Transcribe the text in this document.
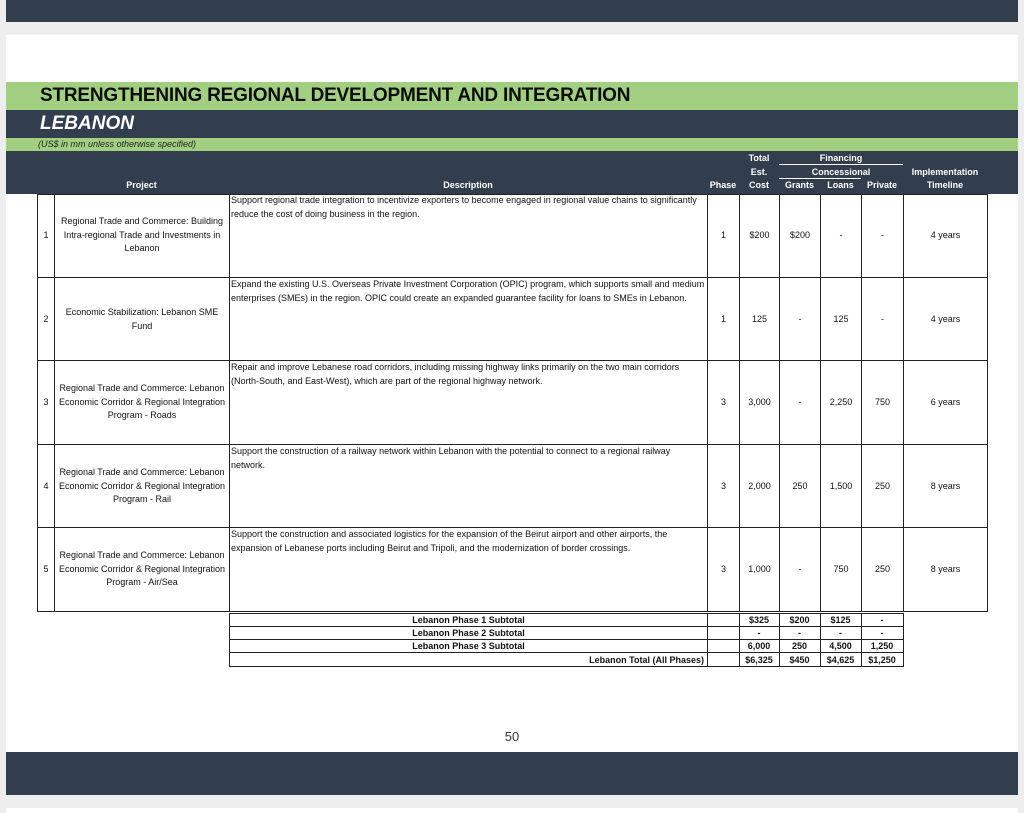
STRENGTHENING REGIONAL DEVELOPMENT AND INTEGRATION
LEBANON
(US$ in mm unless otherwise specified)
Project	Description	Phase
Total
Est.
Cost
Financing
Concessional
Grants	Loans	Private
Implementation
Timeline
1
Regional Trade and Commerce: Building Intra-regional Trade and Investments in Lebanon
Support regional trade integration to incentivize exporters to become engaged in regional value chains to significantly reduce the cost of doing business in the region.
1	$200	$200	-	-	4 years
2
Economic Stabilization: Lebanon SME Fund
Expand the existing U.S. Overseas Private Investment Corporation (OPIC) program, which supports small and medium enterprises (SMEs) in the region. OPIC could create an expanded guarantee facility for loans to SMEs in Lebanon.
1	125	-	125	-	4 years
3
Regional Trade and Commerce: Lebanon Economic Corridor & Regional Integration Program - Roads
Repair and improve Lebanese road corridors, including missing highway links primarily on the two main corridors (North-South, and East-West), which are part of the regional highway network.
3	3,000	-	2,250	750	6 years
4
Regional Trade and Commerce: Lebanon Economic Corridor & Regional Integration Program - Rail
Support the construction of a railway network within Lebanon with the potential to connect to a regional railway network.
3	2,000	250	1,500	250	8 years
5
Regional Trade and Commerce: Lebanon Economic Corridor & Regional Integration Program - Air/Sea
Support the construction and associated logistics for the expansion of the Beirut airport and other airports, the expansion of Lebanese ports including Beirut and Tripoli, and the modernization of border crossings.
3	1,000	-	750	250	8 years
Lebanon Phase 1 Subtotal	$325	$200	$125	-
Lebanon Phase 2 Subtotal	-	-	-	-
Lebanon Phase 3 Subtotal	6,000	250	4,500	1,250
Lebanon Total (All Phases)	$6,325	$450	$4,625	$1,250
50
